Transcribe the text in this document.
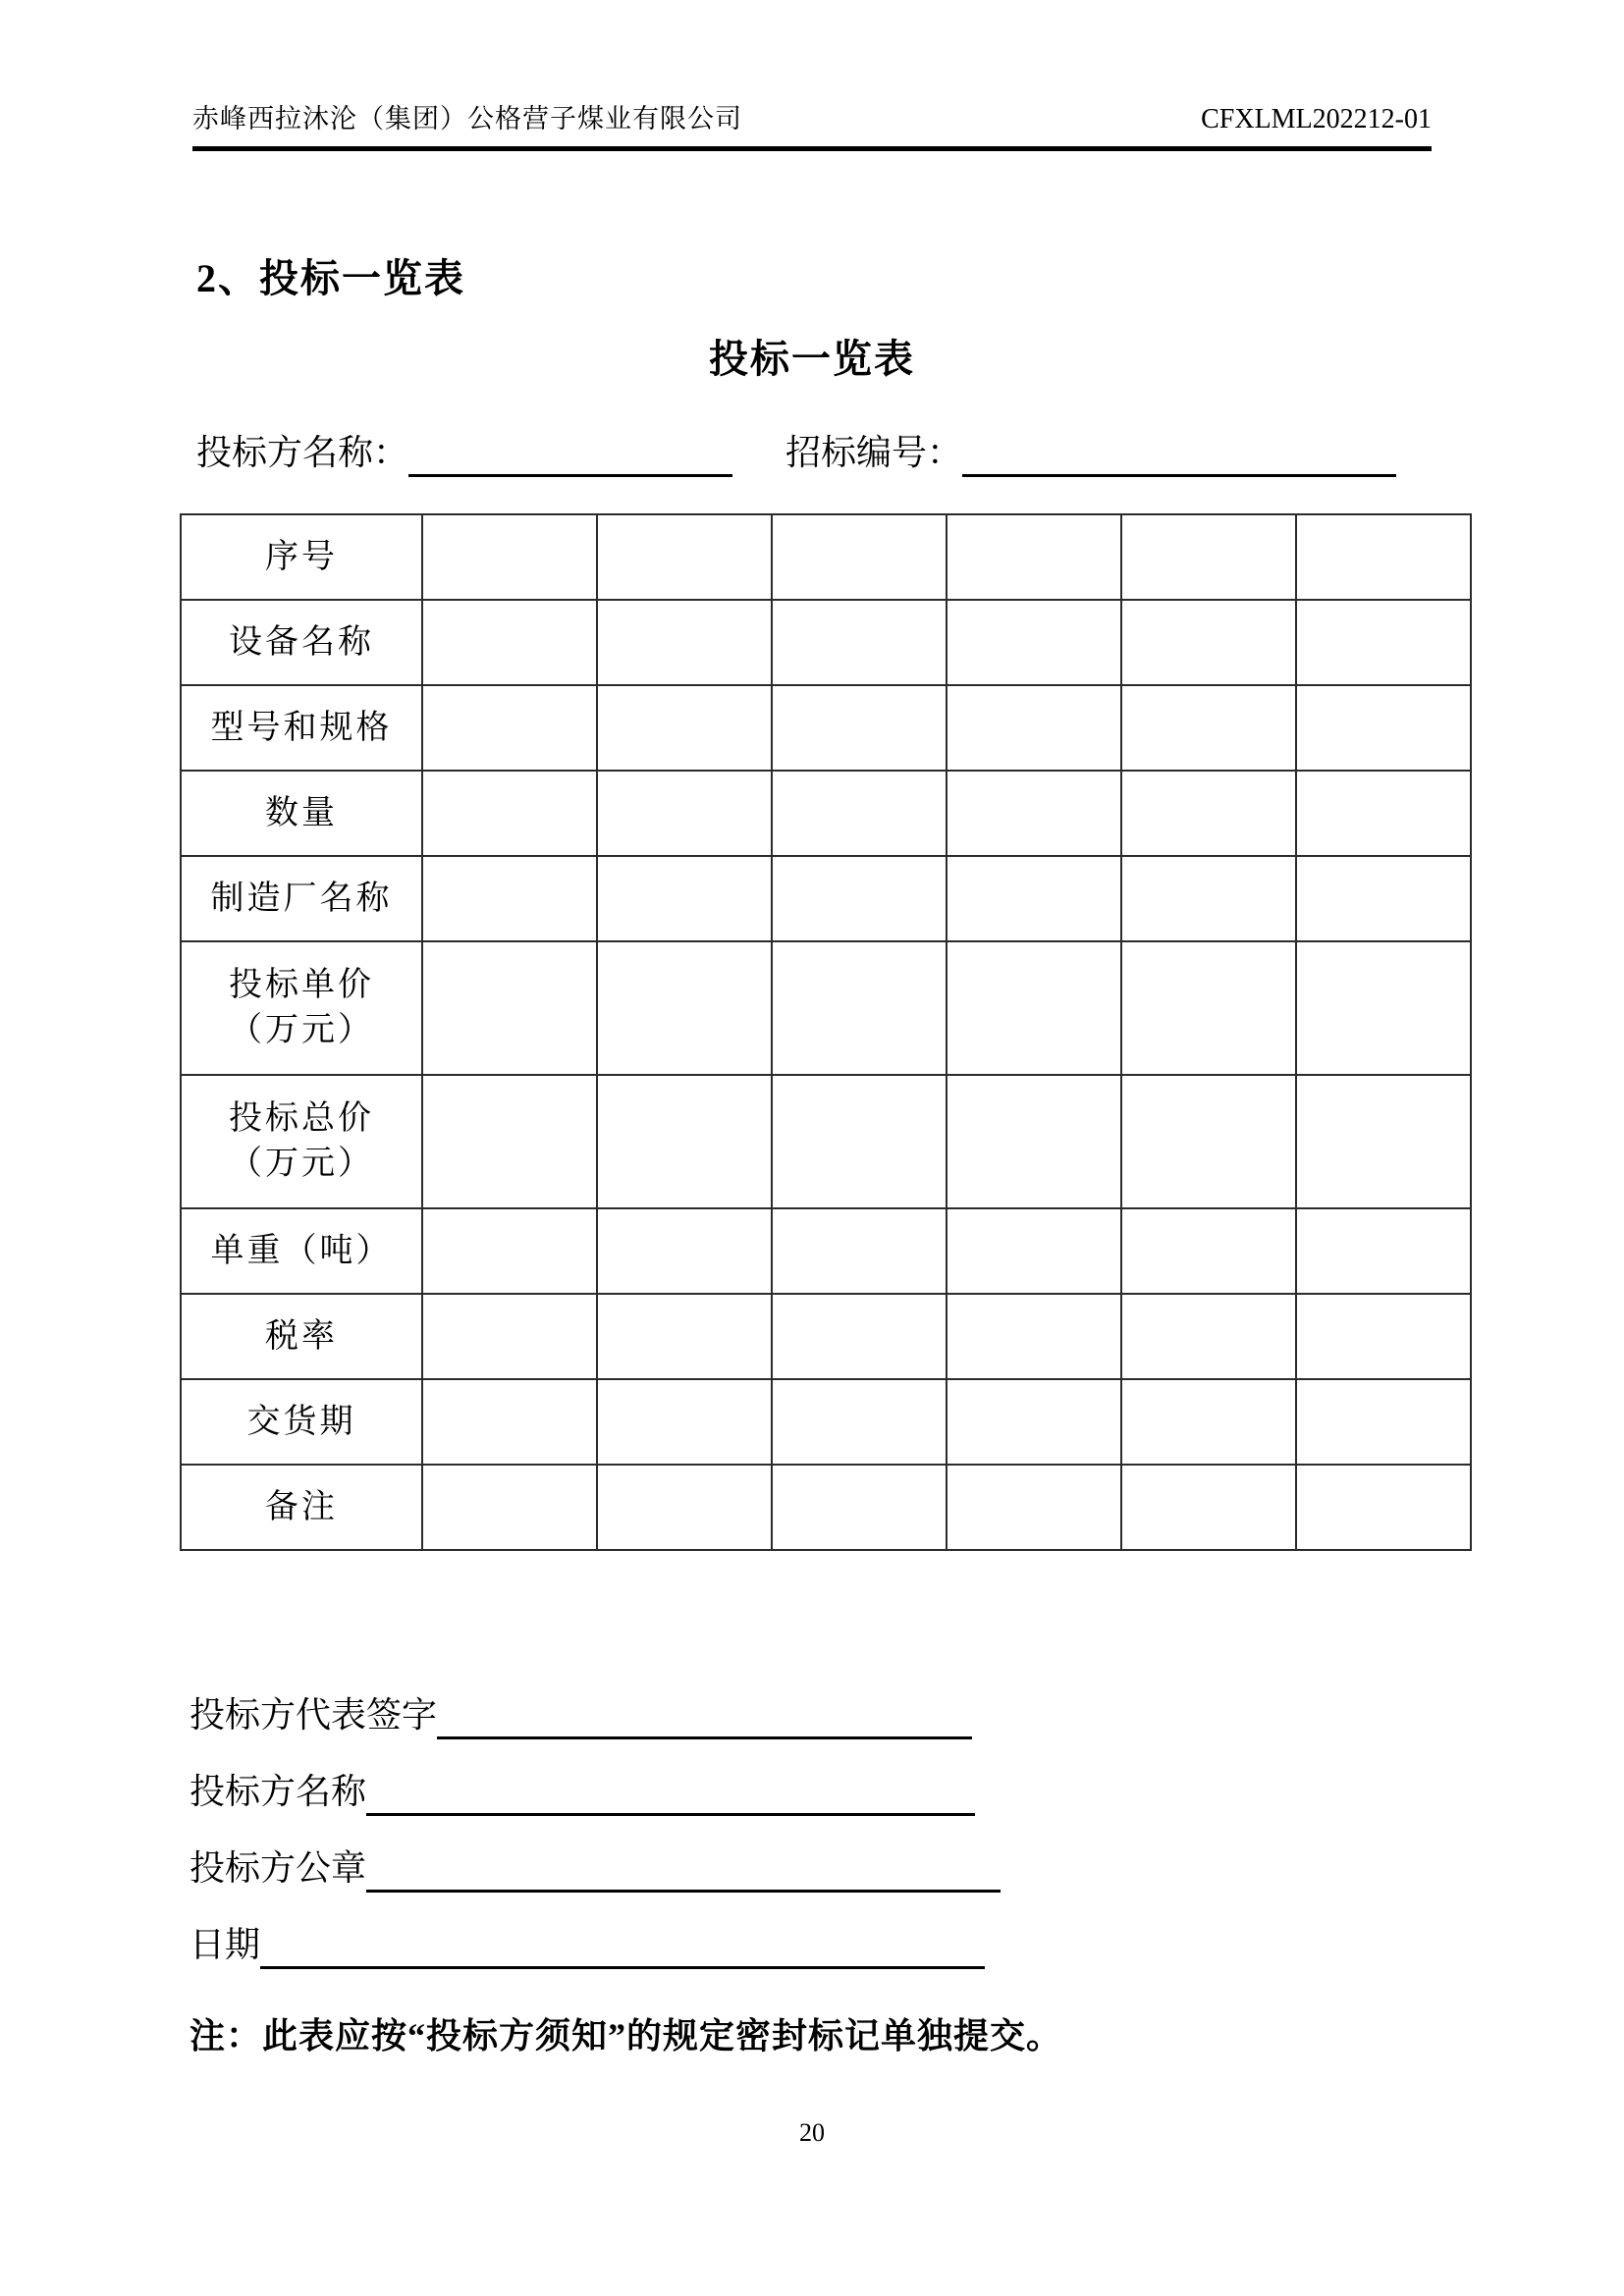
赤峰西拉沐沦（集团）公格营子煤业有限公司	CFXLML202212-01
2、投标一览表
投标一览表
投标方名称：	招标编号：
序号						
设备名称						
型号和规格						
数量						
制造厂名称						
投标单价
（万元）						
投标总价
（万元）						
单重（吨）						
税率						
交货期						
备注						
投标方代表签字
投标方名称
投标方公章
日期
注：此表应按“投标方须知”的规定密封标记单独提交。
20
